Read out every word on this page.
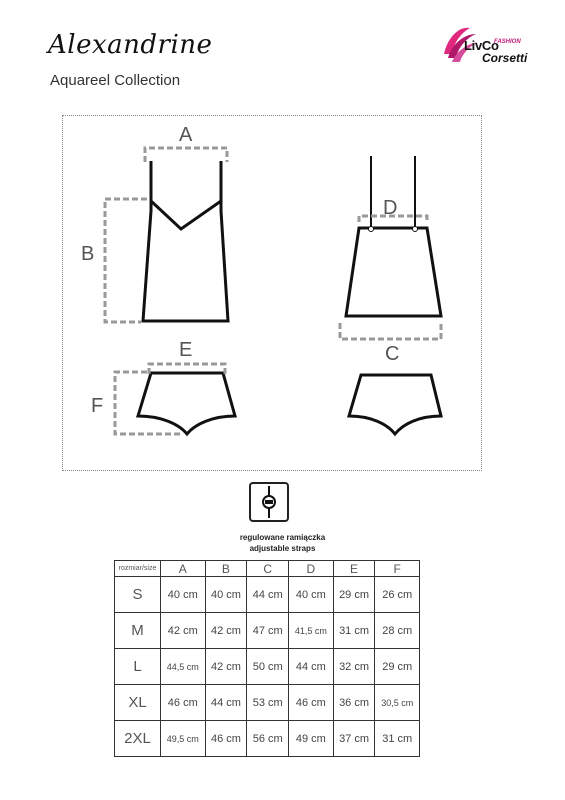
Alexandrine
Aquareel Collection
LivCo
FASHION
Corsetti
A
B
D
C
E
F
regulowane ramiączka
adjustable straps
rozmiar/size	A	B	C	D	E	F
S	40 cm	40 cm	44 cm	40 cm	29 cm	26 cm
M	42 cm	42 cm	47 cm	41,5 cm	31 cm	28 cm
L	44,5 cm	42 cm	50 cm	44 cm	32 cm	29 cm
XL	46 cm	44 cm	53 cm	46 cm	36 cm	30,5 cm
2XL	49,5 cm	46 cm	56 cm	49 cm	37 cm	31 cm
